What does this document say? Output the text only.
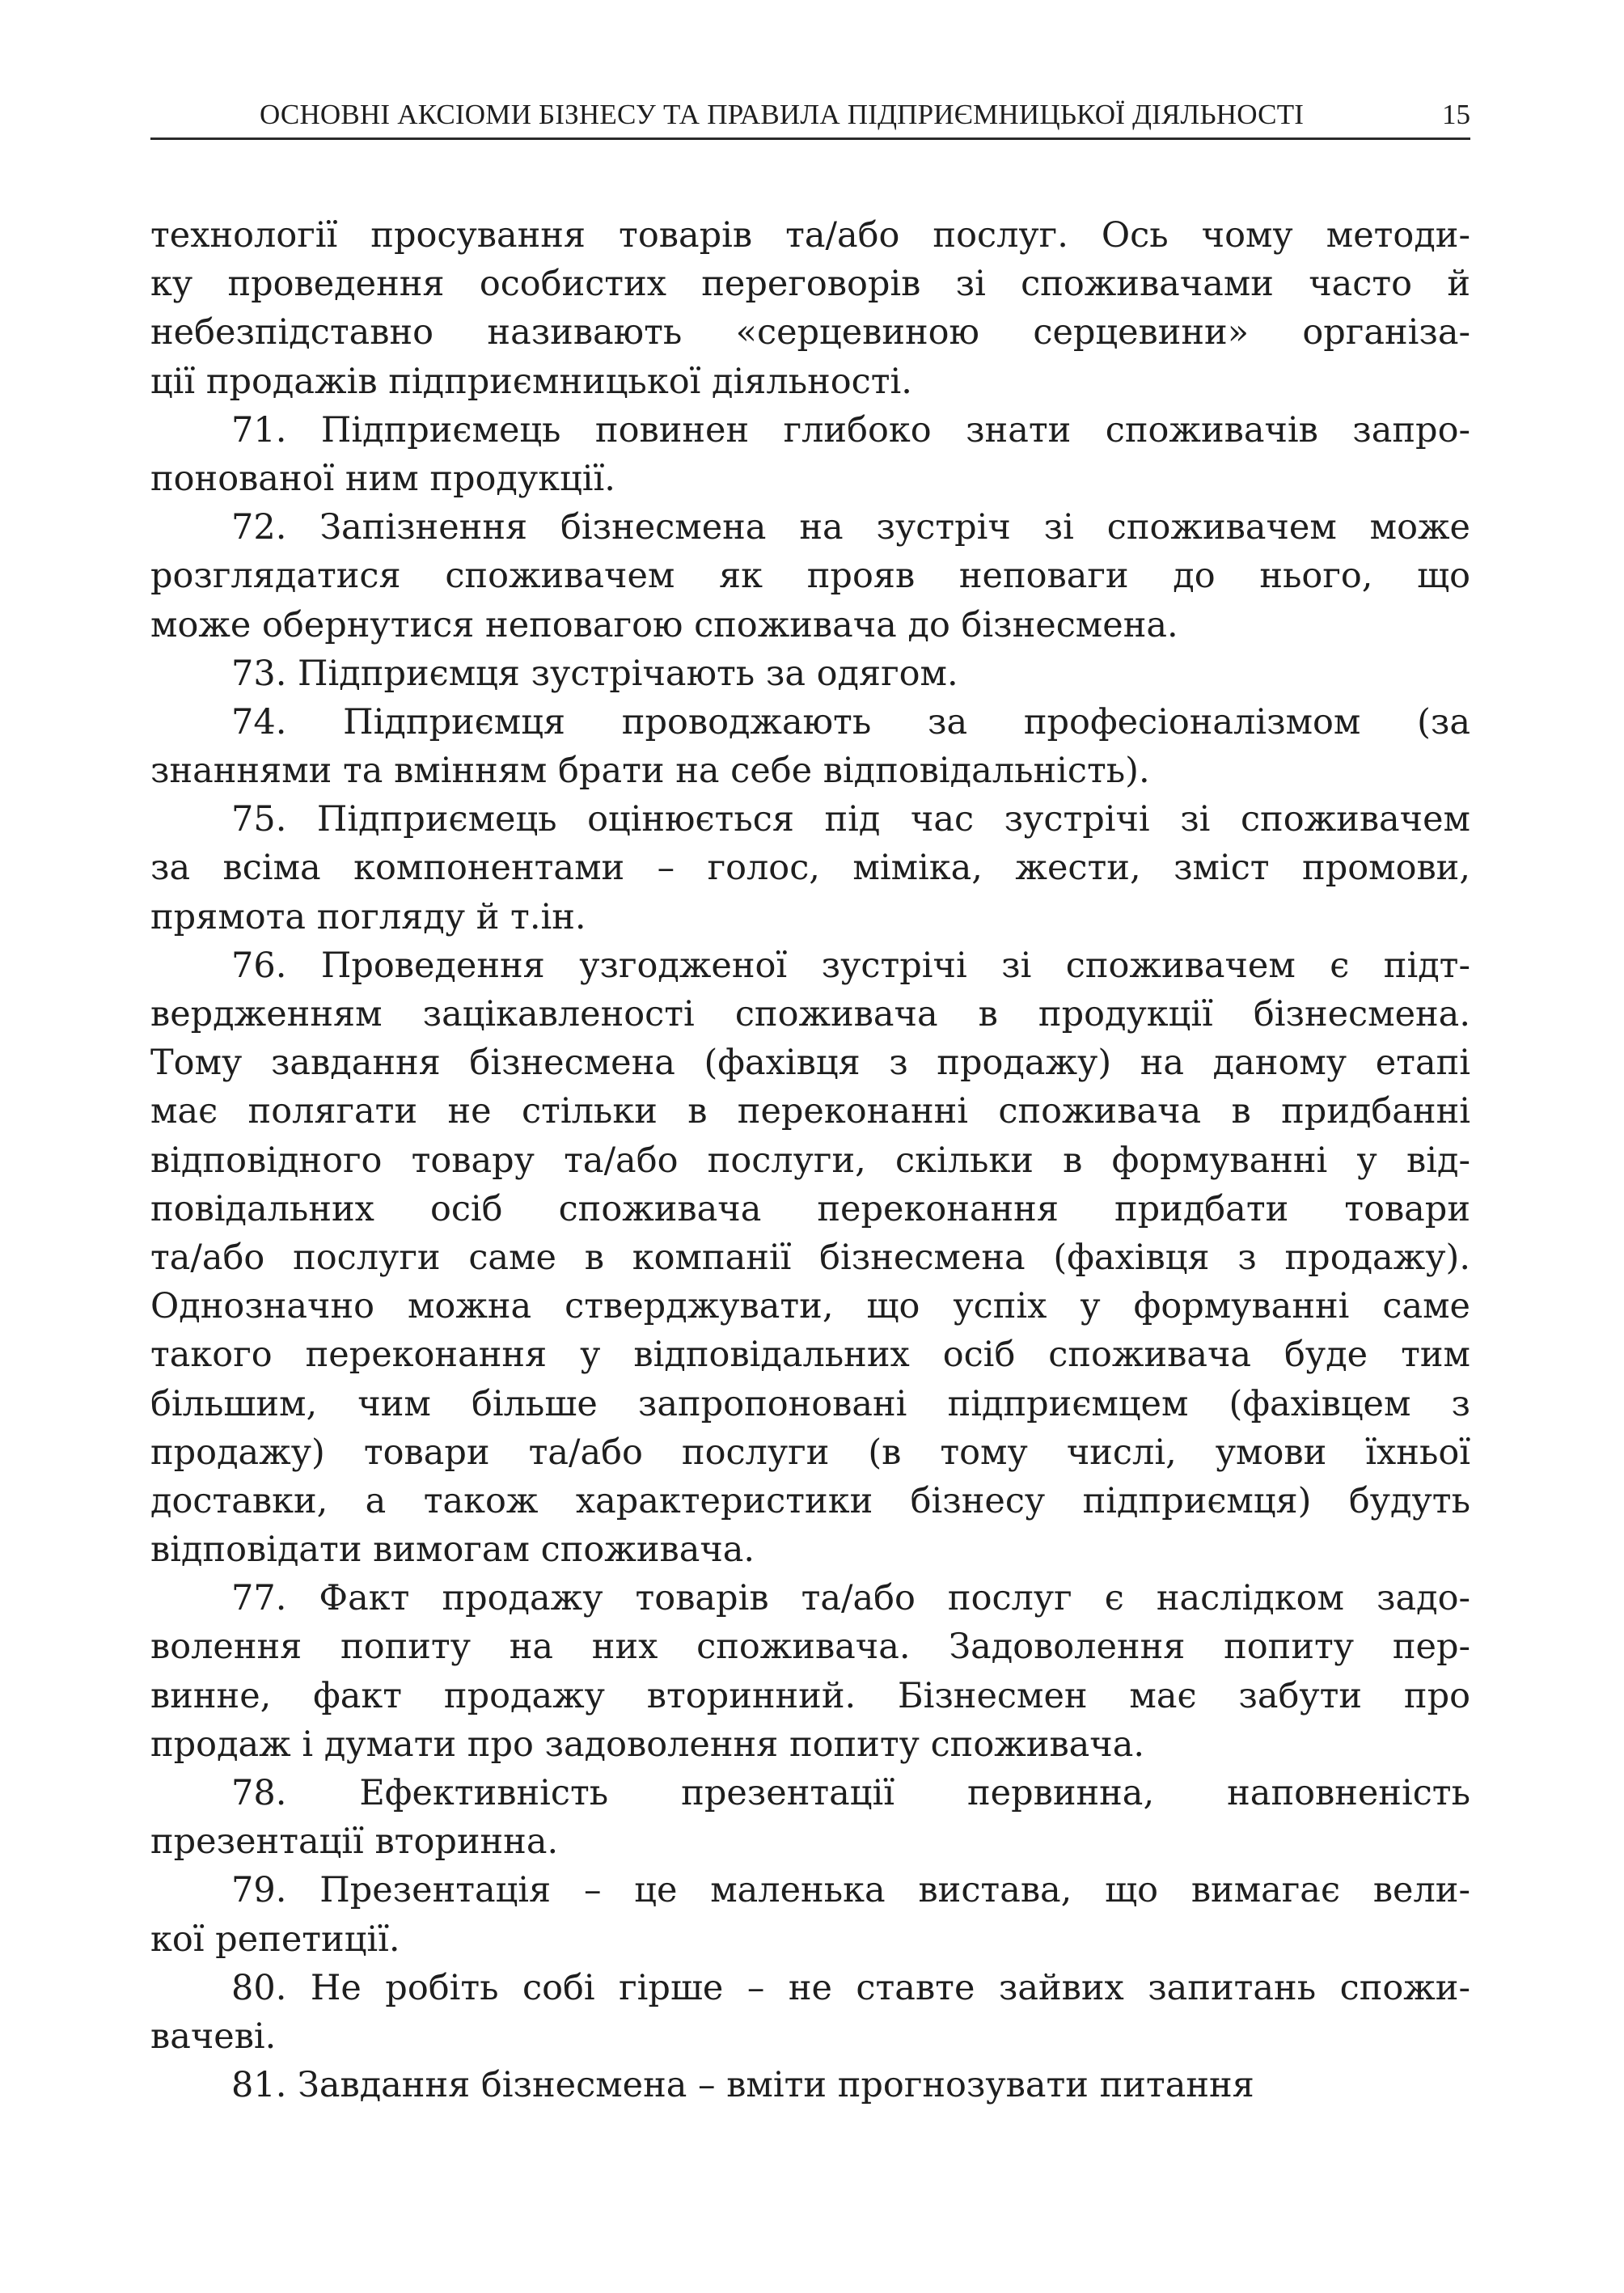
ОСНОВНІ АКСІОМИ БІЗНЕСУ ТА ПРАВИЛА ПІДПРИЄМНИЦЬКОЇ ДІЯЛЬНОСТІ	15
технології просування товарів та/або послуг. Ось чому методи-
ку проведення особистих переговорів зі споживачами часто й
небезпідставно називають «серцевиною серцевини» організа-
ції продажів підприємницької діяльності.
71. Підприємець повинен глибоко знати споживачів запро-
понованої ним продукції.
72. Запізнення бізнесмена на зустріч зі споживачем може
розглядатися споживачем як прояв неповаги до нього, що
може обернутися неповагою споживача до бізнесмена.
73. Підприємця зустрічають за одягом.
74. Підприємця проводжають за професіоналізмом (за
знаннями та вмінням брати на себе відповідальність).
75. Підприємець оцінюється під час зустрічі зі споживачем
за всіма компонентами – голос, міміка, жести, зміст промови,
прямота погляду й т.ін.
76. Проведення узгодженої зустрічі зі споживачем є підт-
вердженням зацікавленості споживача в продукції бізнесмена.
Тому завдання бізнесмена (фахівця з продажу) на даному етапі
має полягати не стільки в переконанні споживача в придбанні
відповідного товару та/або послуги, скільки в формуванні у від-
повідальних осіб споживача переконання придбати товари
та/або послуги саме в компанії бізнесмена (фахівця з продажу).
Однозначно можна стверджувати, що успіх у формуванні саме
такого переконання у відповідальних осіб споживача буде тим
більшим, чим більше запропоновані підприємцем (фахівцем з
продажу) товари та/або послуги (в тому числі, умови їхньої
доставки, а також характеристики бізнесу підприємця) будуть
відповідати вимогам споживача.
77. Факт продажу товарів та/або послуг є наслідком задо-
волення попиту на них споживача. Задоволення попиту пер-
винне, факт продажу вторинний. Бізнесмен має забути про
продаж і думати про задоволення попиту споживача.
78. Ефективність презентації первинна, наповненість
презентації вторинна.
79. Презентація – це маленька вистава, що вимагає вели-
кої репетиції.
80. Не робіть собі гірше – не ставте зайвих запитань спожи-
вачеві.
81. Завдання бізнесмена – вміти прогнозувати питання
